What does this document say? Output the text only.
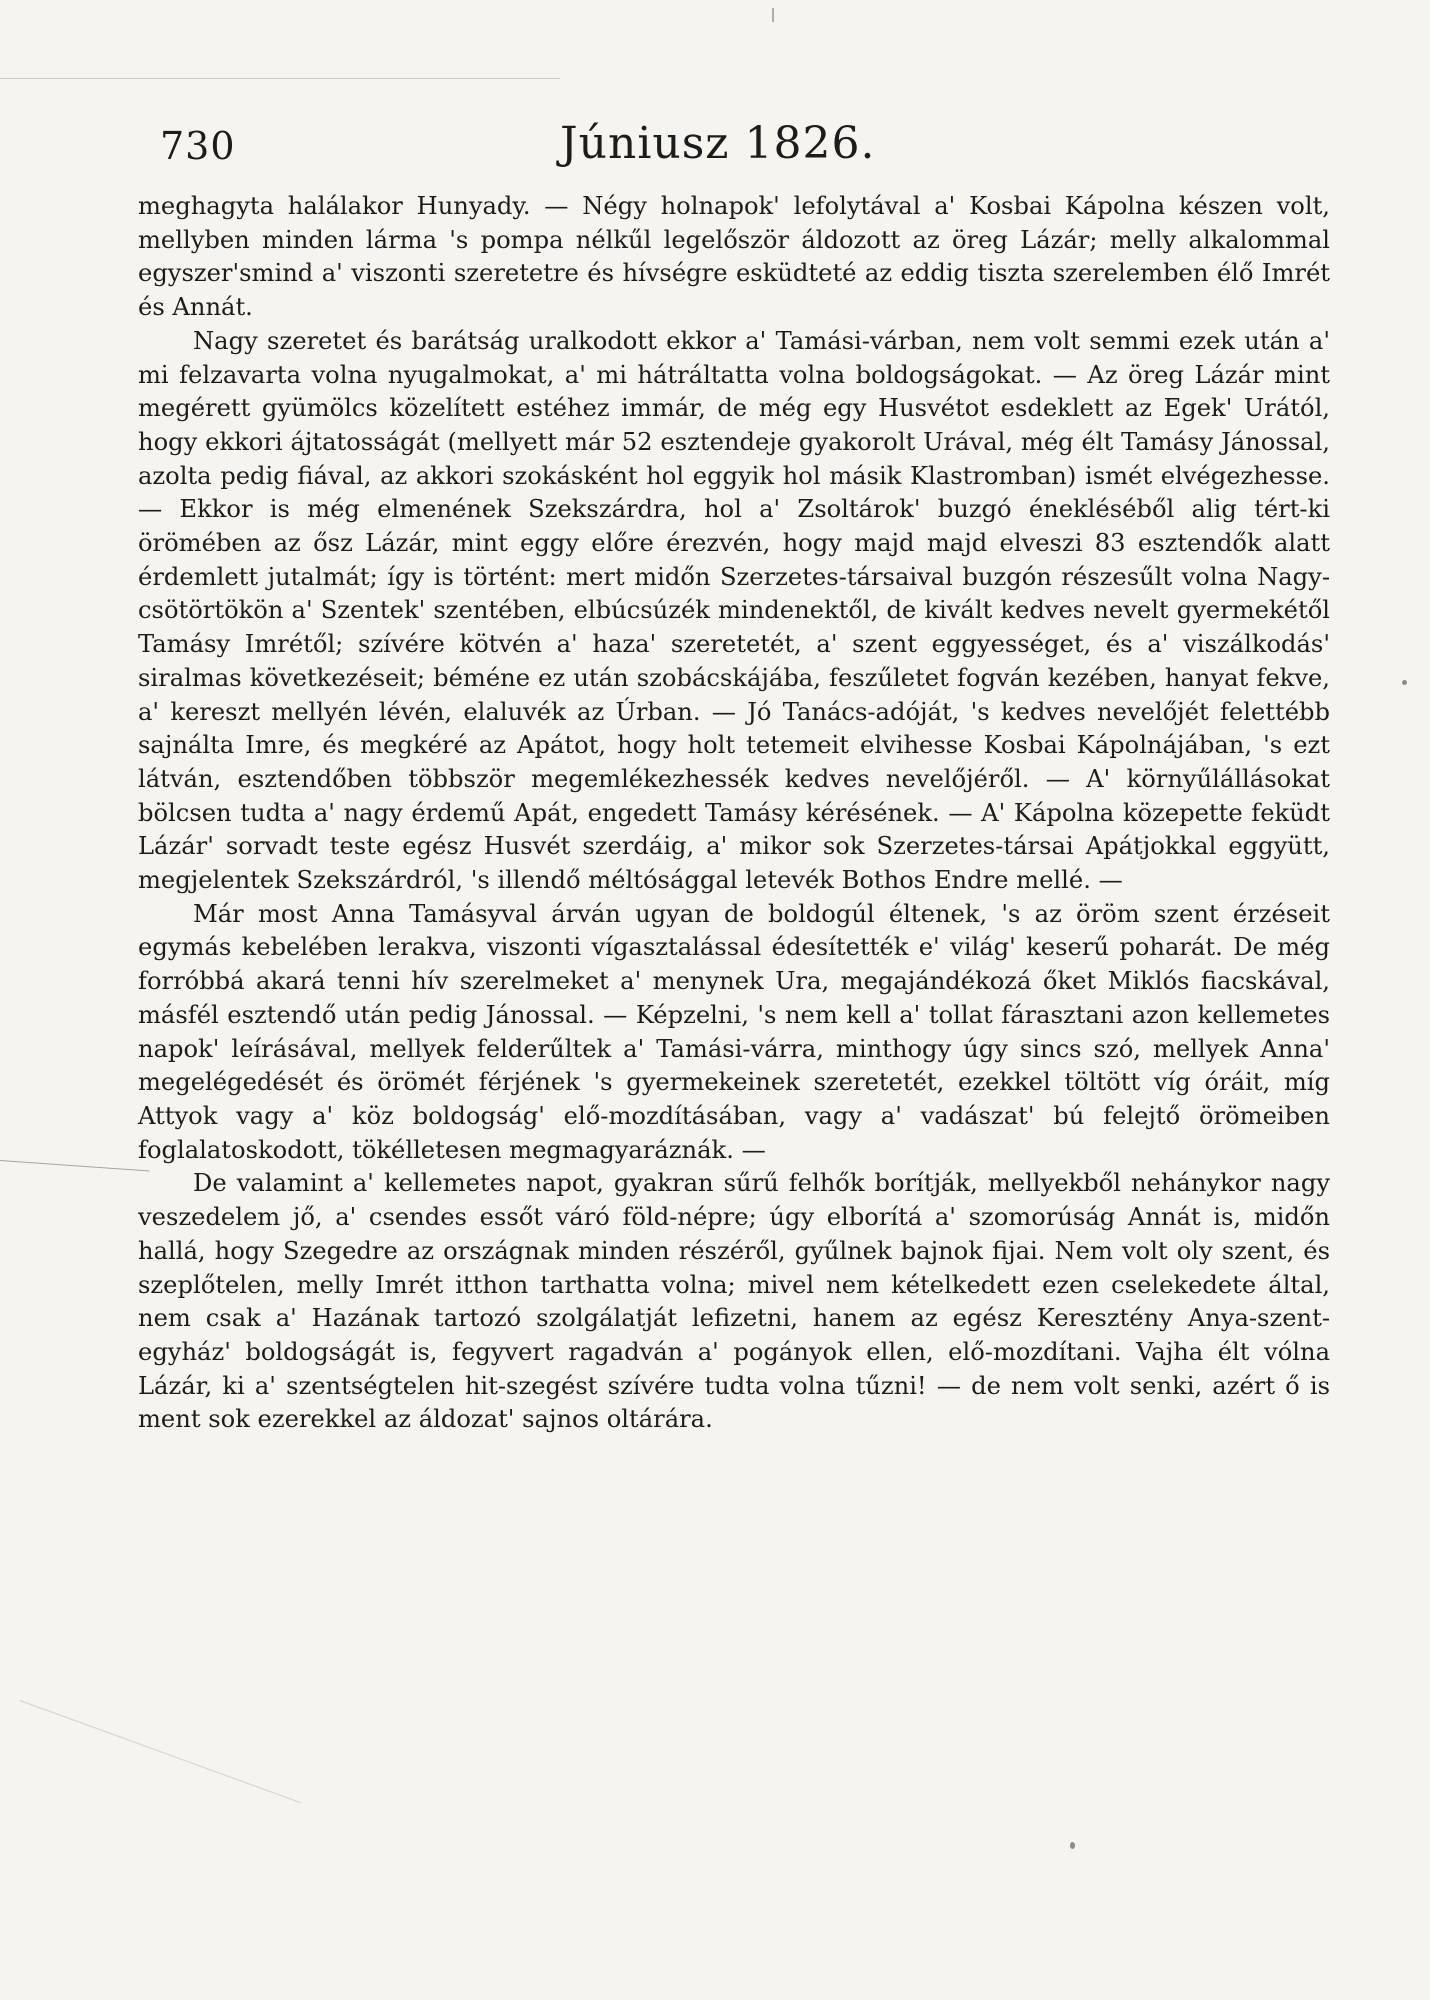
730	Júniusz 1826.

meghagyta halálakor Hunyady. — Négy holnapok' lefolytával a' Kosbai Kápolna készen volt, mellyben minden lárma 's pompa nélkűl legelőször áldozott az öreg Lázár; melly alkalommal egyszer'smind a' viszonti szeretetre és hívségre esküdteté az eddig tiszta szerelemben élő Imrét és Annát.

Nagy szeretet és barátság uralkodott ekkor a' Tamási-várban, nem volt semmi ezek után a' mi felzavarta volna nyugalmokat, a' mi hátráltatta volna boldogságokat. — Az öreg Lázár mint megérett gyümölcs közelített estéhez immár, de még egy Husvétot esdeklett az Egek' Urától, hogy ekkori ájtatosságát (mellyett már 52 esztendeje gyakorolt Urával, még élt Tamásy Jánossal, azolta pedig fiával, az akkori szokásként hol eggyik hol másik Klastromban) ismét elvégezhesse. — Ekkor is még elmenének Szekszárdra, hol a' Zsoltárok' buzgó énekléséből alig tért-ki örömében az ősz Lázár, mint eggy előre érezvén, hogy majd majd elveszi 83 esztendők alatt érdemlett jutalmát; így is történt: mert midőn Szerzetes-társaival buzgón részesűlt volna Nagy-csötörtökön a' Szentek' szentében, elbúcsúzék mindenektől, de kivált kedves nevelt gyermekétől Tamásy Imrétől; szívére kötvén a' haza' szeretetét, a' szent eggyességet, és a' viszálkodás' siralmas következéseit; béméne ez után szobácskájába, feszűletet fogván kezében, hanyat fekve, a' kereszt mellyén lévén, elaluvék az Úrban. — Jó Tanács-adóját, 's kedves nevelőjét felettébb sajnálta Imre, és megkéré az Apátot, hogy holt tetemeit elvihesse Kosbai Kápolnájában, 's ezt látván, esztendőben többször megemlékezhessék kedves nevelőjéről. — A' környűlállásokat bölcsen tudta a' nagy érdemű Apát, engedett Tamásy kérésének. — A' Kápolna közepette feküdt Lázár' sorvadt teste egész Husvét szerdáig, a' mikor sok Szerzetes-társai Apátjokkal eggyütt, megjelentek Szekszárdról, 's illendő méltósággal letevék Bothos Endre mellé. —

Már most Anna Tamásyval árván ugyan de boldogúl éltenek, 's az öröm szent érzéseit egymás kebelében lerakva, viszonti vígasztalással édesítették e' világ' keserű poharát. De még forróbbá akará tenni hív szerelmeket a' menynek Ura, megajándékozá őket Miklós fiacskával, másfél esztendő után pedig Jánossal. — Képzelni, 's nem kell a' tollat fárasztani azon kellemetes napok' leírásával, mellyek felderűltek a' Tamási-várra, minthogy úgy sincs szó, mellyek Anna' megelégedését és örömét férjének 's gyermekeinek szeretetét, ezekkel töltött víg óráit, míg Attyok vagy a' köz boldogság' elő-mozdításában, vagy a' vadászat' bú felejtő örömeiben foglalatoskodott, tökélletesen megmagyaráznák. —

De valamint a' kellemetes napot, gyakran sűrű felhők borítják, mellyekből nehánykor nagy veszedelem jő, a' csendes essőt váró föld-népre; úgy elborítá a' szomorúság Annát is, midőn hallá, hogy Szegedre az országnak minden részéről, gyűlnek bajnok fijai. Nem volt oly szent, és szeplőtelen, melly Imrét itthon tarthatta volna; mivel nem kételkedett ezen cselekedete által, nem csak a' Hazának tartozó szolgálatját lefizetni, hanem az egész Keresztény Anya-szent-egyház' boldogságát is, fegyvert ragadván a' pogányok ellen, elő-mozdítani. Vajha élt vólna Lázár, ki a' szentségtelen hit-szegést szívére tudta volna tűzni! — de nem volt senki, azért ő is ment sok ezerekkel az áldozat' sajnos oltárára.
